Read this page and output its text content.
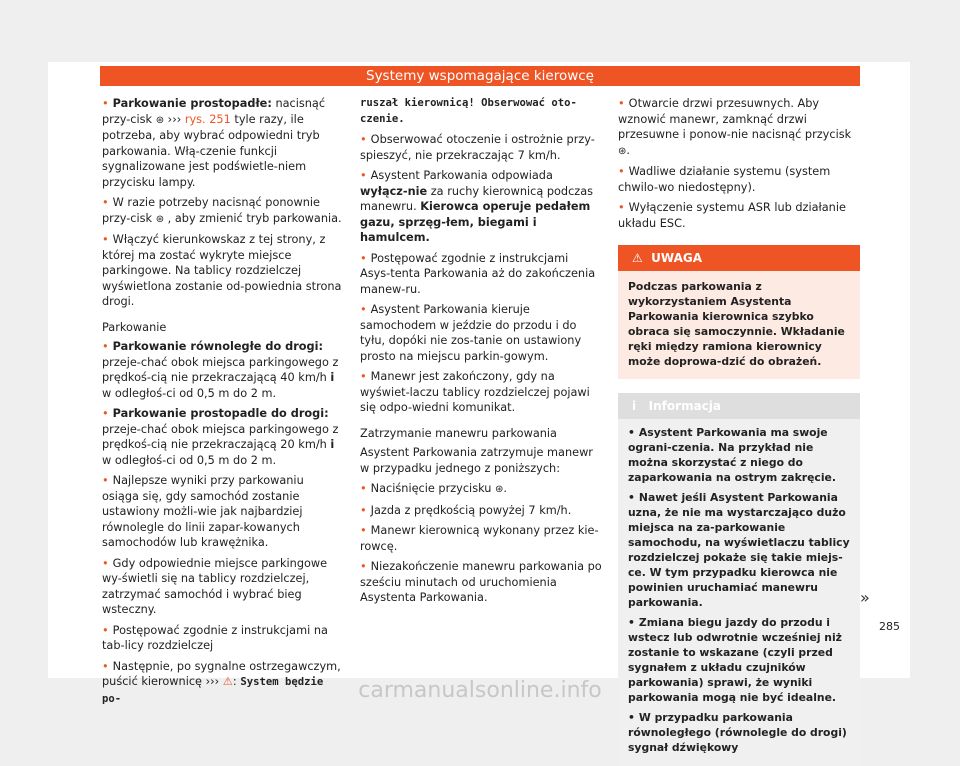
Systemy wspomagające kierowcę

• Parkowanie prostopadłe: nacisnąć przy-cisk ⊛ ››› rys. 251 tyle razy, ile potrzeba, aby wybrać odpowiedni tryb parkowania. Włą-czenie funkcji sygnalizowane jest podświetle-niem przycisku lampy.

• W razie potrzeby nacisnąć ponownie przy-cisk ⊛ , aby zmienić tryb parkowania.

• Włączyć kierunkowskaz z tej strony, z której ma zostać wykryte miejsce parkingowe. Na tablicy rozdzielczej wyświetlona zostanie od-powiednia strona drogi.

Parkowanie

• Parkowanie równoległe do drogi: przeje-chać obok miejsca parkingowego z prędkoś-cią nie przekraczającą 40 km/h i w odległoś-ci od 0,5 m do 2 m.

• Parkowanie prostopadle do drogi: przeje-chać obok miejsca parkingowego z prędkoś-cią nie przekraczającą 20 km/h i w odległoś-ci od 0,5 m do 2 m.

• Najlepsze wyniki przy parkowaniu osiąga się, gdy samochód zostanie ustawiony możli-wie jak najbardziej równolegle do linii zapar-kowanych samochodów lub krawężnika.

• Gdy odpowiednie miejsce parkingowe wy-świetli się na tablicy rozdzielczej, zatrzymać samochód i wybrać bieg wsteczny.

• Postępować zgodnie z instrukcjami na tab-licy rozdzielczej

• Następnie, po sygnalne ostrzegawczym, puścić kierownicę ››› ⚠: System będzie po-

ruszał kierownicą! Obserwować oto-czenie.

• Obserwować otoczenie i ostrożnie przy-spieszyć, nie przekraczając 7 km/h.

• Asystent Parkowania odpowiada wyłącz-nie za ruchy kierownicą podczas manewru. Kierowca operuje pedałem gazu, sprzęg-łem, biegami i hamulcem.

• Postępować zgodnie z instrukcjami Asys-tenta Parkowania aż do zakończenia manew-ru.

• Asystent Parkowania kieruje samochodem w jeździe do przodu i do tyłu, dopóki nie zos-tanie on ustawiony prosto na miejscu parkin-gowym.

• Manewr jest zakończony, gdy na wyświet-laczu tablicy rozdzielczej pojawi się odpo-wiedni komunikat.

Zatrzymanie manewru parkowania

Asystent Parkowania zatrzymuje manewr w przypadku jednego z poniższych:

• Naciśnięcie przycisku ⊛.

• Jazda z prędkością powyżej 7 km/h.

• Manewr kierownicą wykonany przez kie-rowcę.

• Niezakończenie manewru parkowania po sześciu minutach od uruchomienia Asystenta Parkowania.

• Otwarcie drzwi przesuwnych. Aby wznowić manewr, zamknąć drzwi przesuwne i ponow-nie nacisnąć przycisk ⊛.

• Wadliwe działanie systemu (system chwilo-wo niedostępny).

• Wyłączenie systemu ASR lub działanie układu ESC.

⚠ UWAGA
Podczas parkowania z wykorzystaniem Asystenta Parkowania kierownica szybko obraca się samoczynnie. Wkładanie ręki między ramiona kierownicy może doprowa-dzić do obrażeń.
i Informacja

• Asystent Parkowania ma swoje ograni-czenia. Na przykład nie można skorzystać z niego do zaparkowania na ostrym zakręcie.

• Nawet jeśli Asystent Parkowania uzna, że nie ma wystarczająco dużo miejsca na za-parkowanie samochodu, na wyświetlaczu tablicy rozdzielczej pokaże się takie miejs-ce. W tym przypadku kierowca nie powinien uruchamiać manewru parkowania.

• Zmiana biegu jazdy do przodu i wstecz lub odwrotnie wcześniej niż zostanie to wskazane (czyli przed sygnałem z układu czujników parkowania) sprawi, że wyniki parkowania mogą nie być idealne.

• W przypadku parkowania równoległego (równolegle do drogi) sygnał dźwiękowy

»
285
carmanualsonline.info
